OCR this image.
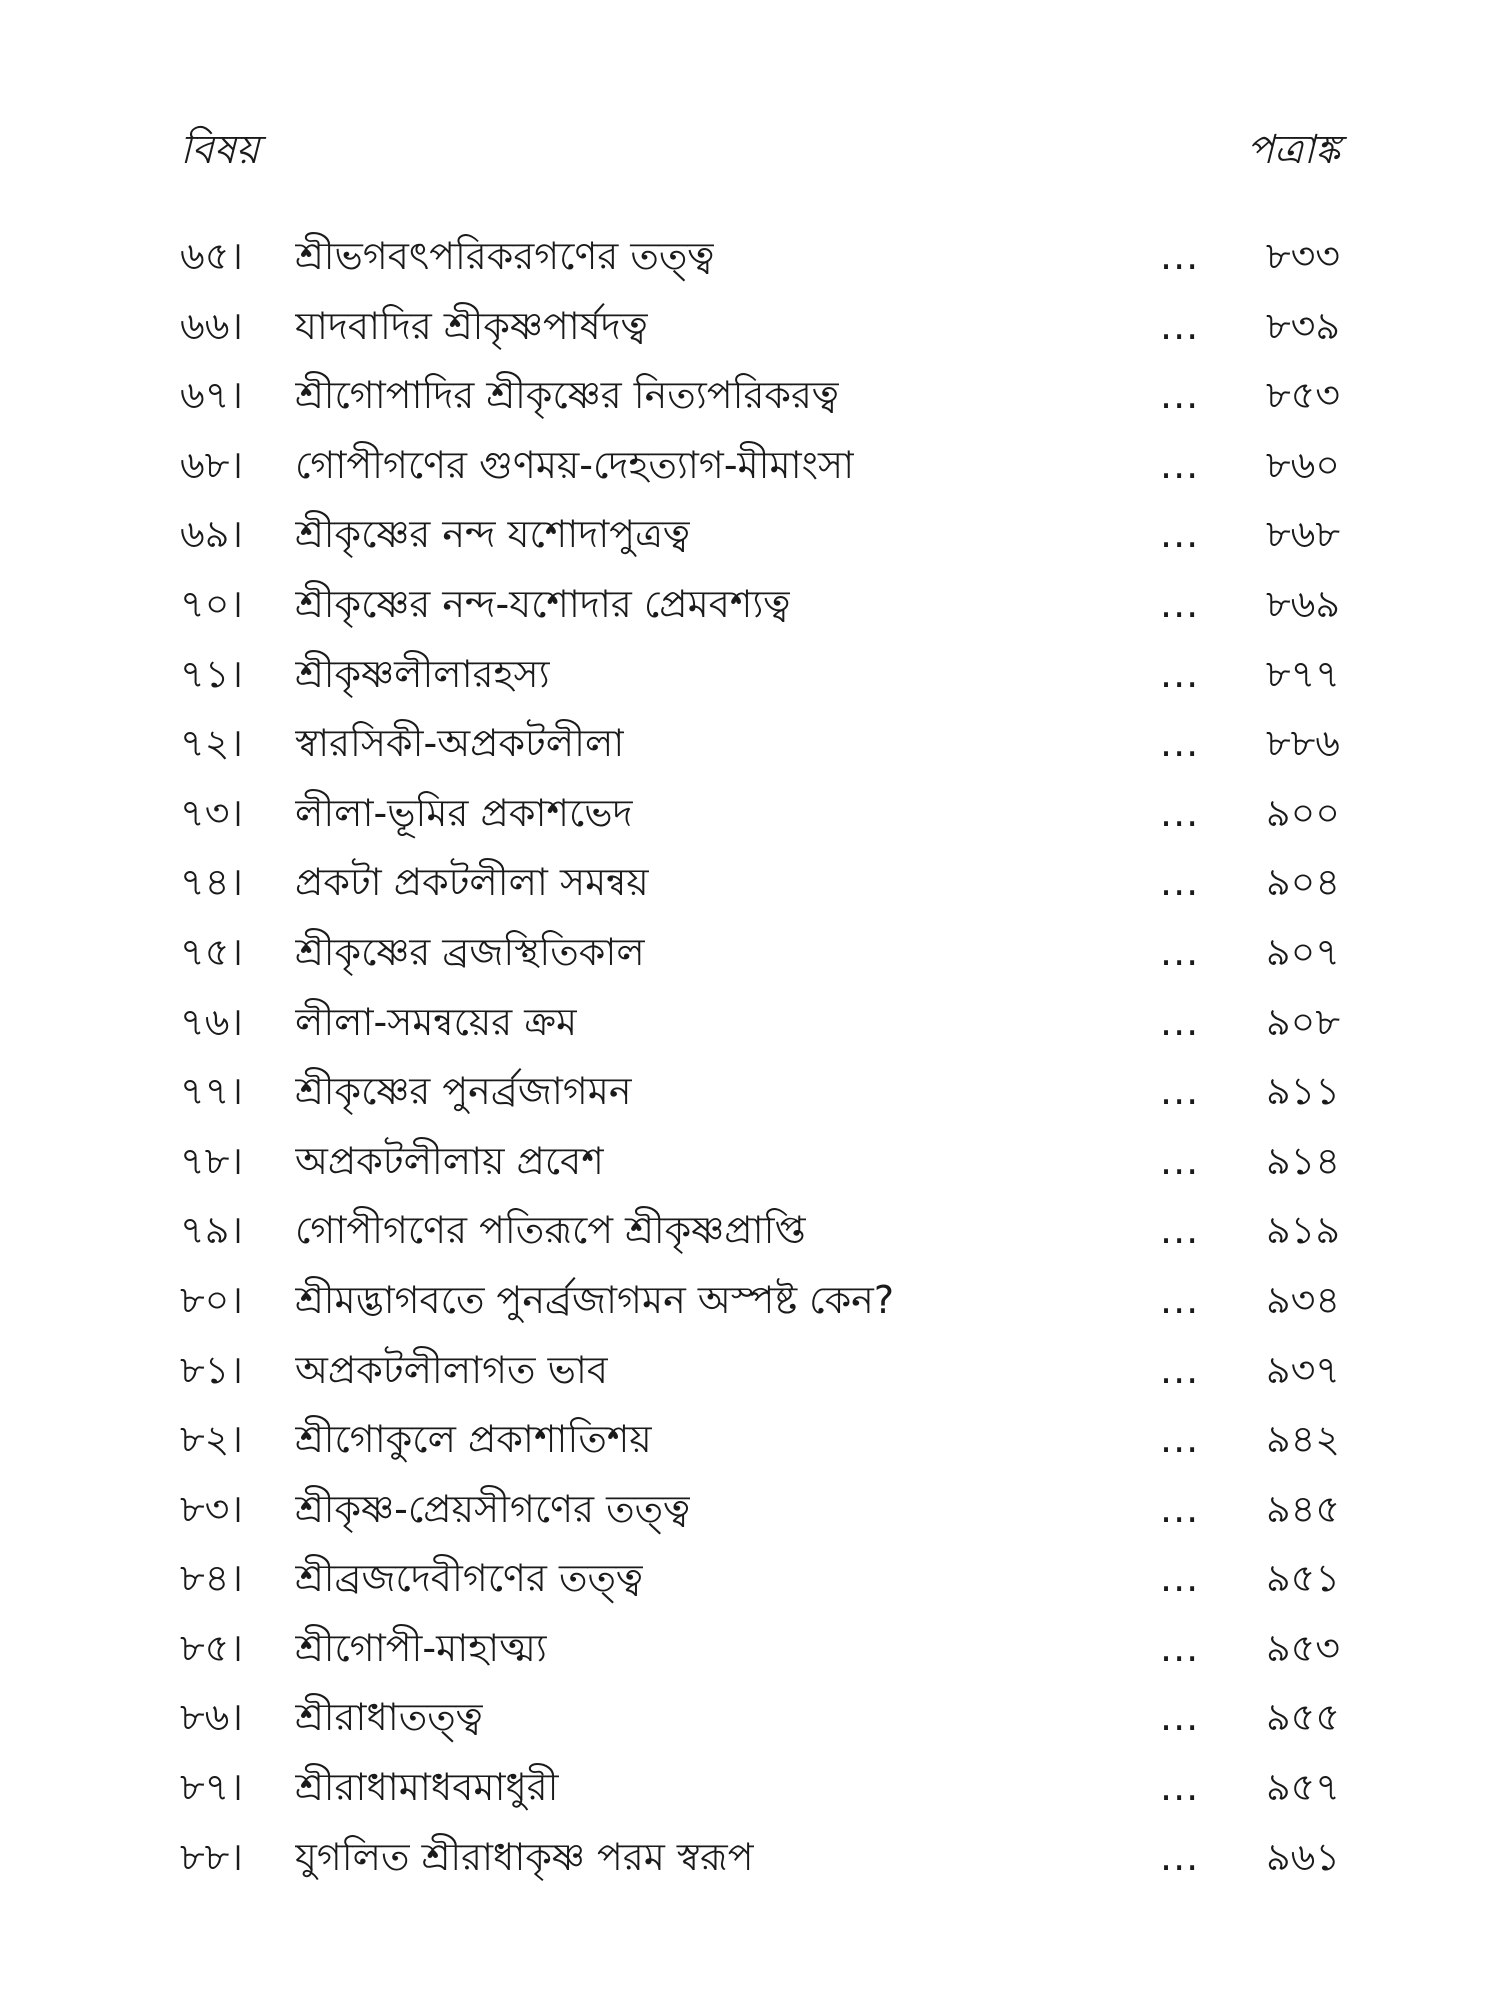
বিষয়	পত্রাঙ্ক
৬৫।	শ্রীভগবৎপরিকরগণের তত্ত্ব	... ৮৩৩
৬৬।	যাদবাদির শ্রীকৃষ্ণপার্ষদত্ব	... ৮৩৯
৬৭।	শ্রীগোপাদির শ্রীকৃষ্ণের নিত্যপরিকরত্ব	... ৮৫৩
৬৮।	গোপীগণের গুণময়-দেহত্যাগ-মীমাংসা	... ৮৬০
৬৯।	শ্রীকৃষ্ণের নন্দ যশোদাপুত্রত্ব	... ৮৬৮
৭০।	শ্রীকৃষ্ণের নন্দ-যশোদার প্রেমবশ্যত্ব	... ৮৬৯
৭১।	শ্রীকৃষ্ণলীলারহস্য	... ৮৭৭
৭২।	স্বারসিকী-অপ্রকটলীলা	... ৮৮৬
৭৩।	লীলা-ভূমির প্রকাশভেদ	... ৯০০
৭৪।	প্রকটা প্রকটলীলা সমন্বয়	... ৯০৪
৭৫।	শ্রীকৃষ্ণের ব্রজস্থিতিকাল	... ৯০৭
৭৬।	লীলা-সমন্বয়ের ক্রম	... ৯০৮
৭৭।	শ্রীকৃষ্ণের পুনর্ব্রজাগমন	... ৯১১
৭৮।	অপ্রকটলীলায় প্রবেশ	... ৯১৪
৭৯।	গোপীগণের পতিরূপে শ্রীকৃষ্ণপ্রাপ্তি	... ৯১৯
৮০।	শ্রীমদ্ভাগবতে পুনর্ব্রজাগমন অস্পষ্ট কেন?	... ৯৩৪
৮১।	অপ্রকটলীলাগত ভাব	... ৯৩৭
৮২।	শ্রীগোকুলে প্রকাশাতিশয়	... ৯৪২
৮৩।	শ্রীকৃষ্ণ-প্রেয়সীগণের তত্ত্ব	... ৯৪৫
৮৪।	শ্রীব্রজদেবীগণের তত্ত্ব	... ৯৫১
৮৫।	শ্রীগোপী-মাহাত্ম্য	... ৯৫৩
৮৬।	শ্রীরাধাতত্ত্ব	... ৯৫৫
৮৭।	শ্রীরাধামাধবমাধুরী	... ৯৫৭
৮৮।	যুগলিত শ্রীরাধাকৃষ্ণ পরম স্বরূপ	... ৯৬১
